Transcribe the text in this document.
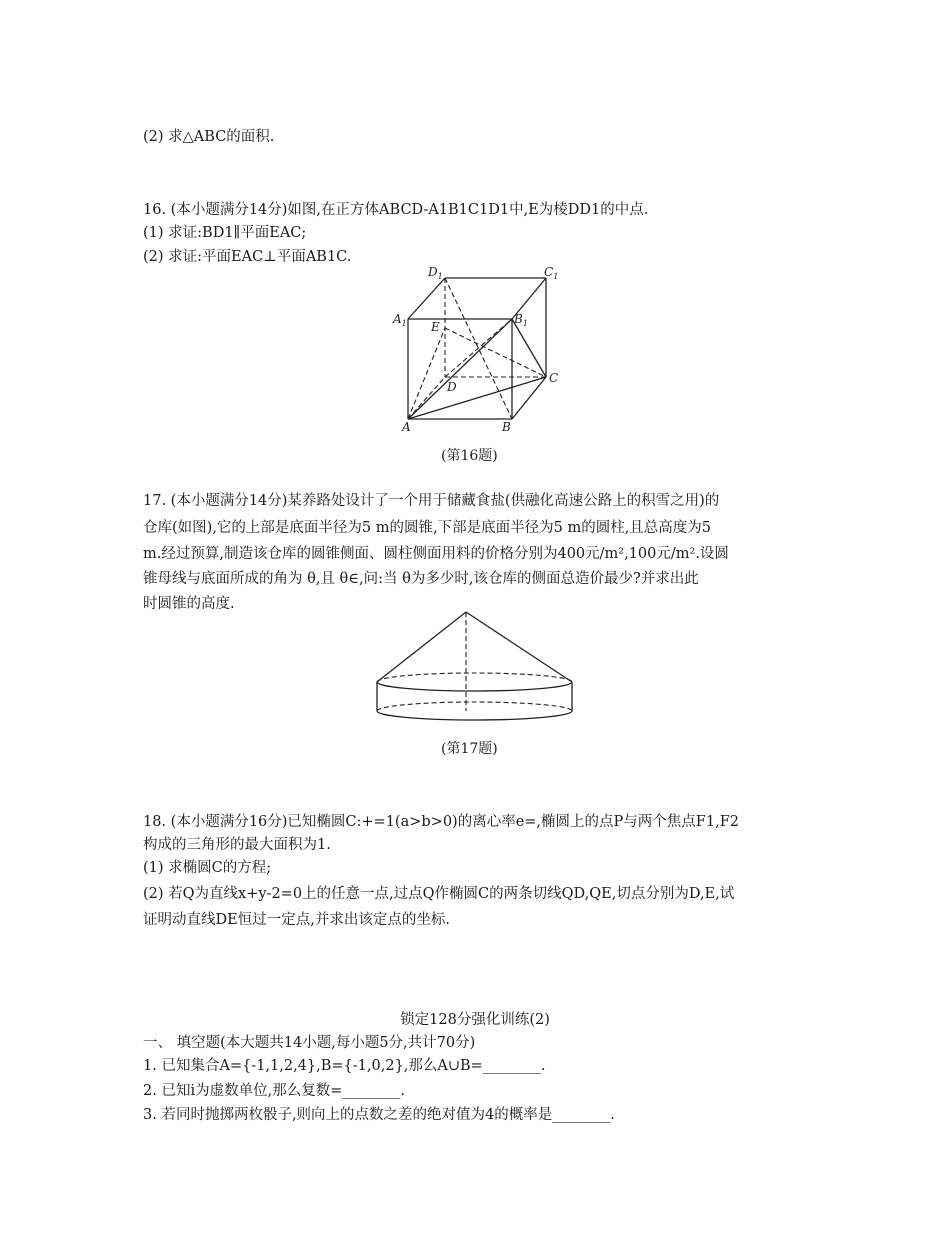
(2) 求△ABC的面积.
16. (本小题满分14分)如图,在正方体ABCD-A1B1C1D1中,E为棱DD1的中点.
(1) 求证:BD1∥平面EAC;
(2) 求证:平面EAC⊥平面AB1C.
$D_1$	$C_1$
$A_1$	$B_1$
E
D
C
A	B
(第16题)
17. (本小题满分14分)某养路处设计了一个用于储藏食盐(供融化高速公路上的积雪之用)的
仓库(如图),它的上部是底面半径为5 m的圆锥,下部是底面半径为5 m的圆柱,且总高度为5
m.经过预算,制造该仓库的圆锥侧面、圆柱侧面用料的价格分别为400元/m²,100元/m².设圆
锥母线与底面所成的角为 θ,且 θ∈,问:当 θ为多少时,该仓库的侧面总造价最少?并求出此
时圆锥的高度.
(第17题)
18. (本小题满分16分)已知椭圆C:+=1(a>b>0)的离心率e=,椭圆上的点P与两个焦点F1,F2
构成的三角形的最大面积为1.
(1) 求椭圆C的方程;
(2) 若Q为直线x+y-2=0上的任意一点,过点Q作椭圆C的两条切线QD,QE,切点分别为D,E,试
证明动直线DE恒过一定点,并求出该定点的坐标.
锁定128分强化训练(2)
一、 填空题(本大题共14小题,每小题5分,共计70分)
1. 已知集合A={-1,1,2,4},B={-1,0,2},那么A∪B=________.
2. 已知i为虚数单位,那么复数=________.
3. 若同时抛掷两枚骰子,则向上的点数之差的绝对值为4的概率是________.
